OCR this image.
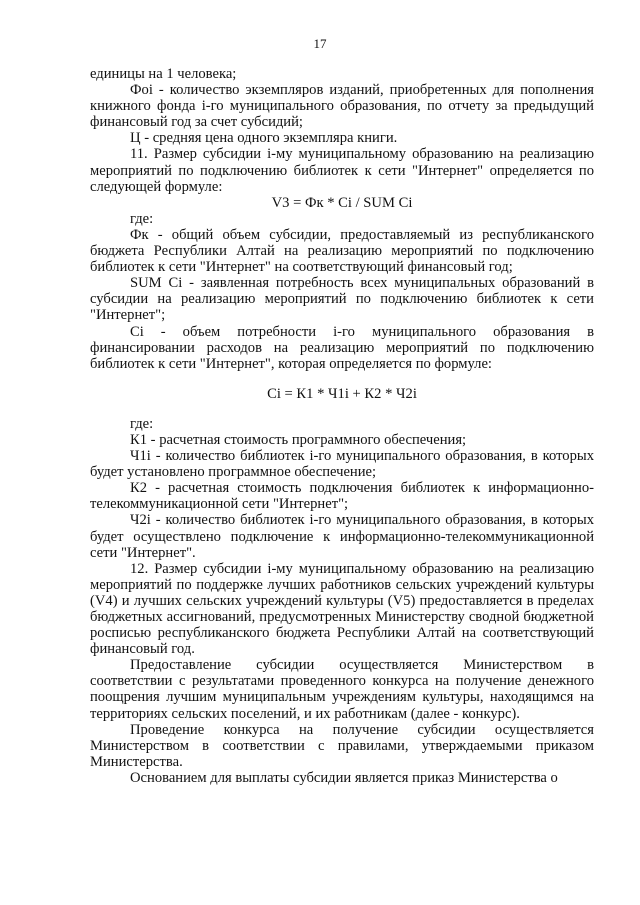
17

единицы на 1 человека;

Фоi - количество экземпляров изданий, приобретенных для пополнения книжного фонда i-го муниципального образования, по отчету за предыдущий финансовый год за счет субсидий;

Ц - средняя цена одного экземпляра книги.

11. Размер субсидии i-му муниципальному образованию на реализацию мероприятий по подключению библиотек к сети "Интернет" определяется по следующей формуле:

V3 = Фк * Ci / SUM Ci

где:

Фк - общий объем субсидии, предоставляемый из республиканского бюджета Республики Алтай на реализацию мероприятий по подключению библиотек к сети "Интернет" на соответствующий финансовый год;

SUM Ci - заявленная потребность всех муниципальных образований в субсидии на реализацию мероприятий по подключению библиотек к сети "Интернет";

Ci - объем потребности i-го муниципального образования в финансировании расходов на реализацию мероприятий по подключению библиотек к сети "Интернет", которая определяется по формуле:

Ci = К1 * Ч1i + К2 * Ч2i

где:

К1 - расчетная стоимость программного обеспечения;

Ч1i - количество библиотек i-го муниципального образования, в которых будет установлено программное обеспечение;

К2 - расчетная стоимость подключения библиотек к информационно-телекоммуникационной сети "Интернет";

Ч2i - количество библиотек i-го муниципального образования, в которых будет осуществлено подключение к информационно-телекоммуникационной сети "Интернет".

12. Размер субсидии i-му муниципальному образованию на реализацию мероприятий по поддержке лучших работников сельских учреждений культуры (V4) и лучших сельских учреждений культуры (V5) предоставляется в пределах бюджетных ассигнований, предусмотренных Министерству сводной бюджетной росписью республиканского бюджета Республики Алтай на соответствующий финансовый год.

Предоставление субсидии осуществляется Министерством в соответствии с результатами проведенного конкурса на получение денежного поощрения лучшим муниципальным учреждениям культуры, находящимся на территориях сельских поселений, и их работникам (далее - конкурс).

Проведение конкурса на получение субсидии осуществляется Министерством в соответствии с правилами, утверждаемыми приказом Министерства.

Основанием для выплаты субсидии является приказ Министерства о
